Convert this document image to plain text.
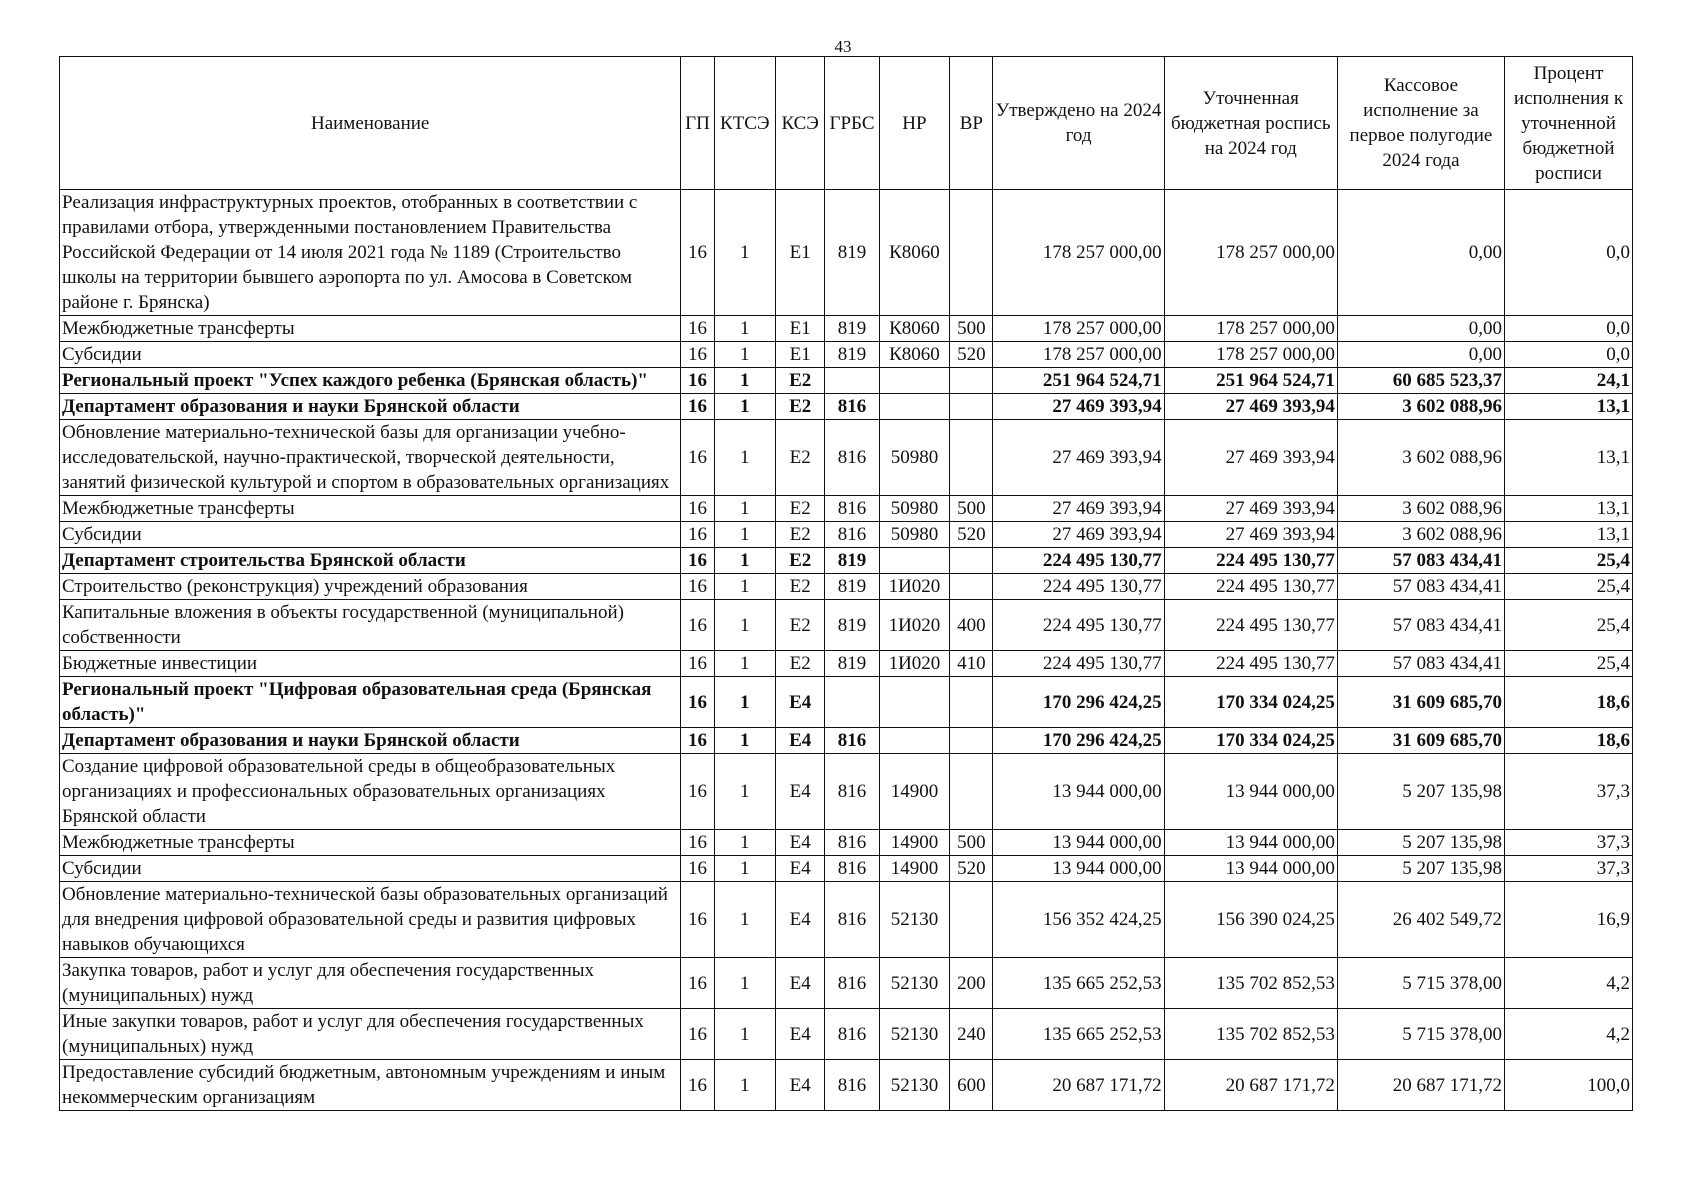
43
Наименование	ГП	КТСЭ	КСЭ	ГРБС	НР	ВР	Утверждено на 2024 год	Уточненная бюджетная роспись на 2024 год	Кассовое исполнение за первое полугодие 2024 года	Процент исполнения к уточненной бюджетной росписи
Реализация инфраструктурных проектов, отобранных в соответствии с правилами отбора, утвержденными постановлением Правительства Российской Федерации от 14 июля 2021 года № 1189 (Строительство школы на территории бывшего аэропорта по ул. Амосова в Советском районе г. Брянска)	16	1	E1	819	К8060		178 257 000,00	178 257 000,00	0,00	0,0
Межбюджетные трансферты	16	1	E1	819	К8060	500	178 257 000,00	178 257 000,00	0,00	0,0
Субсидии	16	1	E1	819	К8060	520	178 257 000,00	178 257 000,00	0,00	0,0
Региональный проект "Успех каждого ребенка (Брянская область)"	16	1	E2				251 964 524,71	251 964 524,71	60 685 523,37	24,1
Департамент образования и науки Брянской области	16	1	E2	816			27 469 393,94	27 469 393,94	3 602 088,96	13,1
Обновление материально-технической базы для организации учебно-исследовательской, научно-практической, творческой деятельности, занятий физической культурой и спортом в образовательных организациях	16	1	E2	816	50980		27 469 393,94	27 469 393,94	3 602 088,96	13,1
Межбюджетные трансферты	16	1	E2	816	50980	500	27 469 393,94	27 469 393,94	3 602 088,96	13,1
Субсидии	16	1	E2	816	50980	520	27 469 393,94	27 469 393,94	3 602 088,96	13,1
Департамент строительства Брянской области	16	1	E2	819			224 495 130,77	224 495 130,77	57 083 434,41	25,4
Строительство (реконструкция) учреждений образования	16	1	E2	819	1И020		224 495 130,77	224 495 130,77	57 083 434,41	25,4
Капитальные вложения в объекты государственной (муниципальной) собственности	16	1	E2	819	1И020	400	224 495 130,77	224 495 130,77	57 083 434,41	25,4
Бюджетные инвестиции	16	1	E2	819	1И020	410	224 495 130,77	224 495 130,77	57 083 434,41	25,4
Региональный проект "Цифровая образовательная среда (Брянская область)"	16	1	E4				170 296 424,25	170 334 024,25	31 609 685,70	18,6
Департамент образования и науки Брянской области	16	1	E4	816			170 296 424,25	170 334 024,25	31 609 685,70	18,6
Создание цифровой образовательной среды в общеобразовательных организациях и профессиональных образовательных организациях Брянской области	16	1	E4	816	14900		13 944 000,00	13 944 000,00	5 207 135,98	37,3
Межбюджетные трансферты	16	1	E4	816	14900	500	13 944 000,00	13 944 000,00	5 207 135,98	37,3
Субсидии	16	1	E4	816	14900	520	13 944 000,00	13 944 000,00	5 207 135,98	37,3
Обновление материально-технической базы образовательных организаций для внедрения цифровой образовательной среды и развития цифровых навыков обучающихся	16	1	E4	816	52130		156 352 424,25	156 390 024,25	26 402 549,72	16,9
Закупка товаров, работ и услуг для обеспечения государственных (муниципальных) нужд	16	1	E4	816	52130	200	135 665 252,53	135 702 852,53	5 715 378,00	4,2
Иные закупки товаров, работ и услуг для обеспечения государственных (муниципальных) нужд	16	1	E4	816	52130	240	135 665 252,53	135 702 852,53	5 715 378,00	4,2
Предоставление субсидий бюджетным, автономным учреждениям и иным некоммерческим организациям	16	1	E4	816	52130	600	20 687 171,72	20 687 171,72	20 687 171,72	100,0
